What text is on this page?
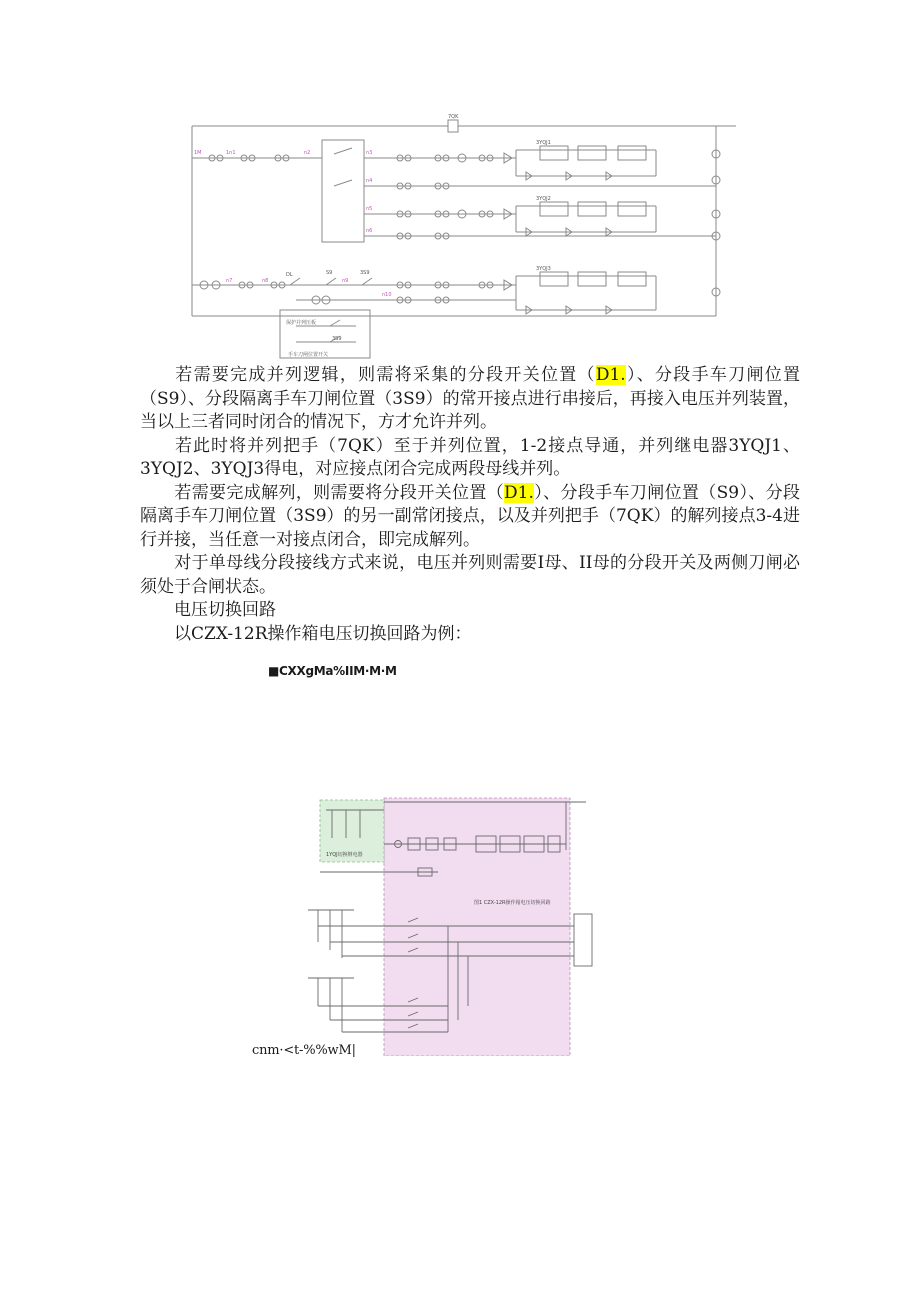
1M	1n1	n2	n3
n4
n5
n6
n7	n8	n9
n10
7QK
3YQJ1
3YQJ2
3YQJ3
DL	S9	3S9
保护并列压板
3S9
手车刀闸位置开关

若需要完成并列逻辑，则需将采集的分段开关位置（D1.）、分段手车刀闸位置（S9）、分段隔离手车刀闸位置（3S9）的常开接点进行串接后，再接入电压并列装置，当以上三者同时闭合的情况下，方才允许并列。

若此时将并列把手（7QK）至于并列位置，1-2接点导通，并列继电器3YQJ1、3YQJ2、3YQJ3得电，对应接点闭合完成两段母线并列。

若需要完成解列，则需要将分段开关位置（D1.）、分段手车刀闸位置（S9）、分段隔离手车刀闸位置（3S9）的另一副常闭接点，以及并列把手（7QK）的解列接点3-4进行并接，当任意一对接点闭合，即完成解列。

对于单母线分段接线方式来说，电压并列则需要I母、II母的分段开关及两侧刀闸必须处于合闸状态。

电压切换回路

以CZX-12R操作箱电压切换回路为例：

■CXXgMa%IIM·M·M
图1 CZX-12R操作箱电压切换回路
1YQJ切换继电器
cnm·<t-%%wM|
